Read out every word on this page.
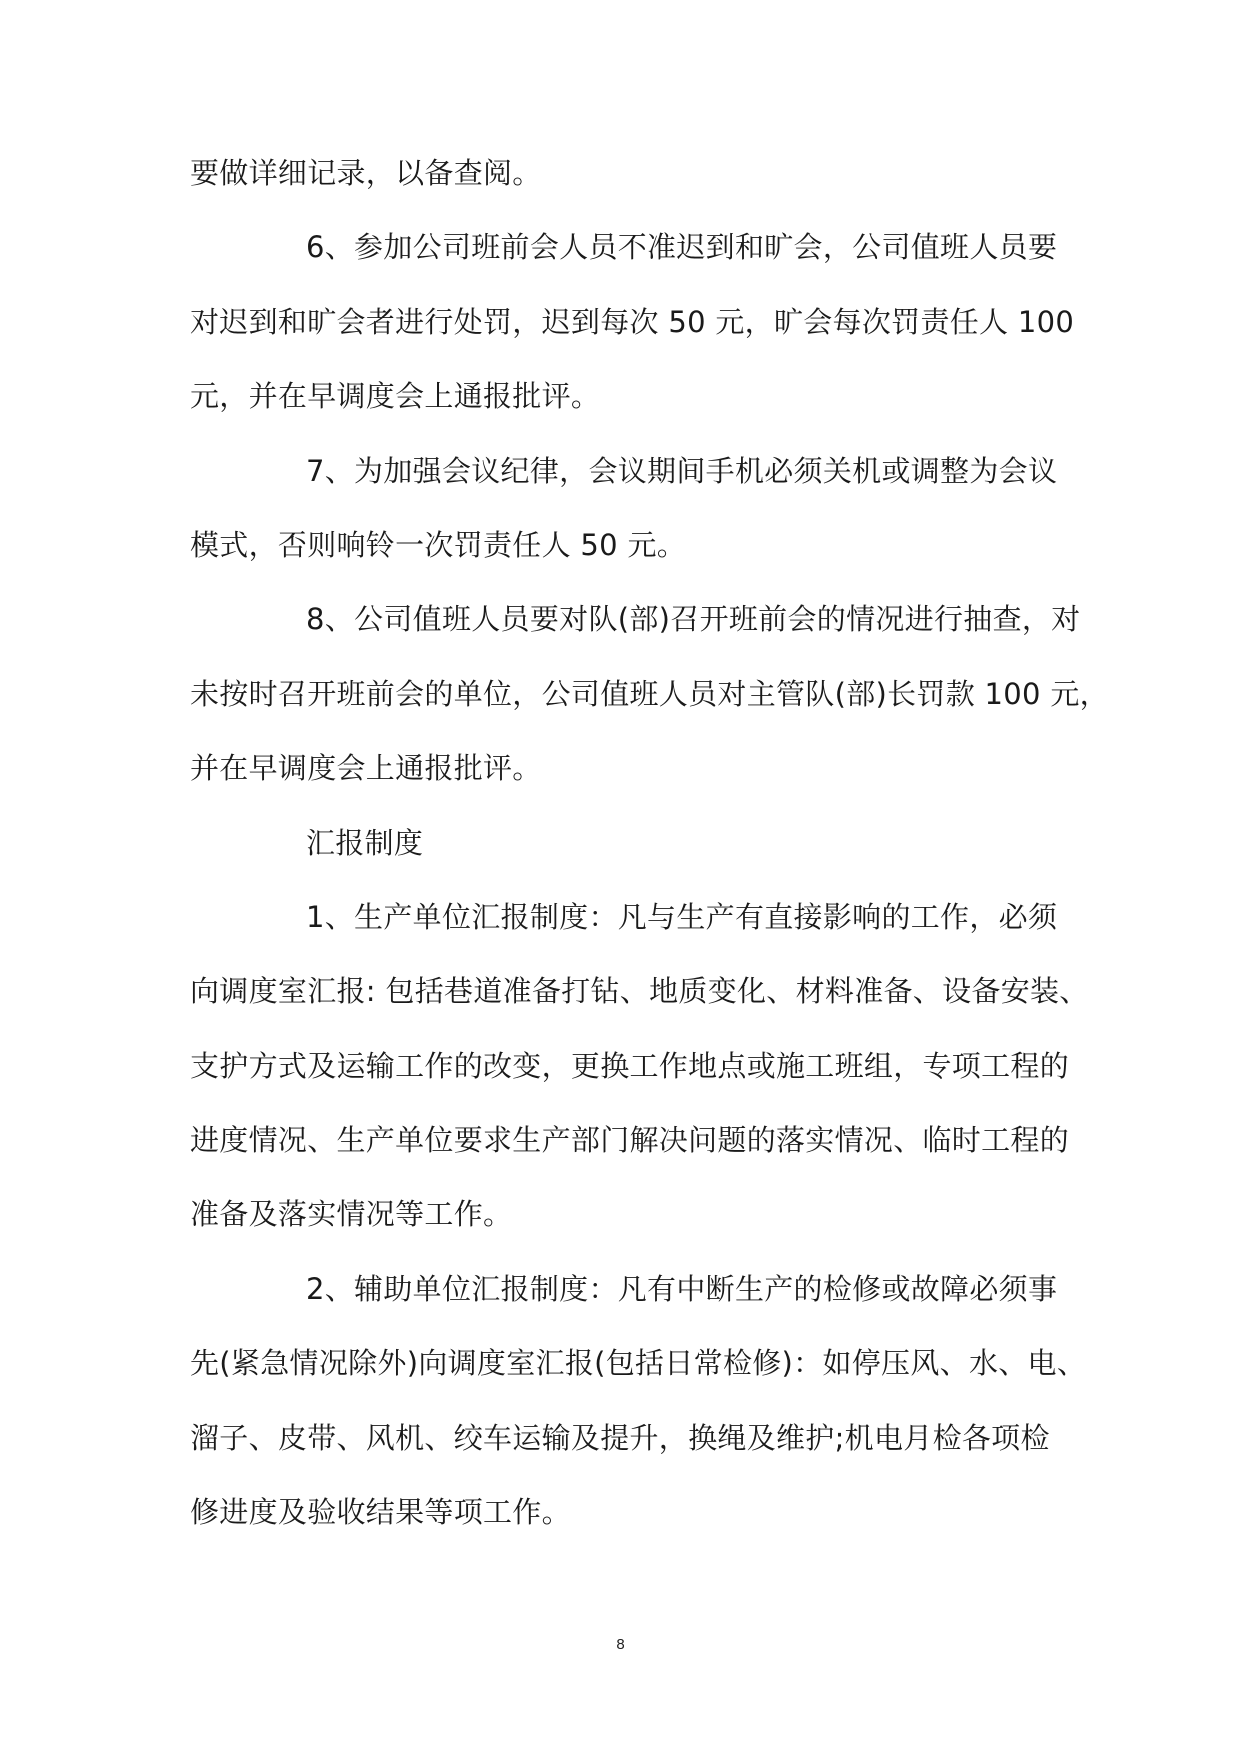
要做详细记录，以备查阅。
6、参加公司班前会人员不准迟到和旷会，公司值班人员要
对迟到和旷会者进行处罚，迟到每次 50 元，旷会每次罚责任人 100
元，并在早调度会上通报批评。
7、为加强会议纪律，会议期间手机必须关机或调整为会议
模式，否则响铃一次罚责任人 50 元。
8、公司值班人员要对队(部)召开班前会的情况进行抽查，对
未按时召开班前会的单位，公司值班人员对主管队(部)长罚款 100 元，
并在早调度会上通报批评。
汇报制度
1、生产单位汇报制度：凡与生产有直接影响的工作，必须
向调度室汇报: 包括巷道准备打钻、地质变化、材料准备、设备安装、
支护方式及运输工作的改变，更换工作地点或施工班组，专项工程的
进度情况、生产单位要求生产部门解决问题的落实情况、临时工程的
准备及落实情况等工作。
2、辅助单位汇报制度：凡有中断生产的检修或故障必须事
先(紧急情况除外)向调度室汇报(包括日常检修)：如停压风、水、电、
溜子、皮带、风机、绞车运输及提升，换绳及维护;机电月检各项检
修进度及验收结果等项工作。
8
